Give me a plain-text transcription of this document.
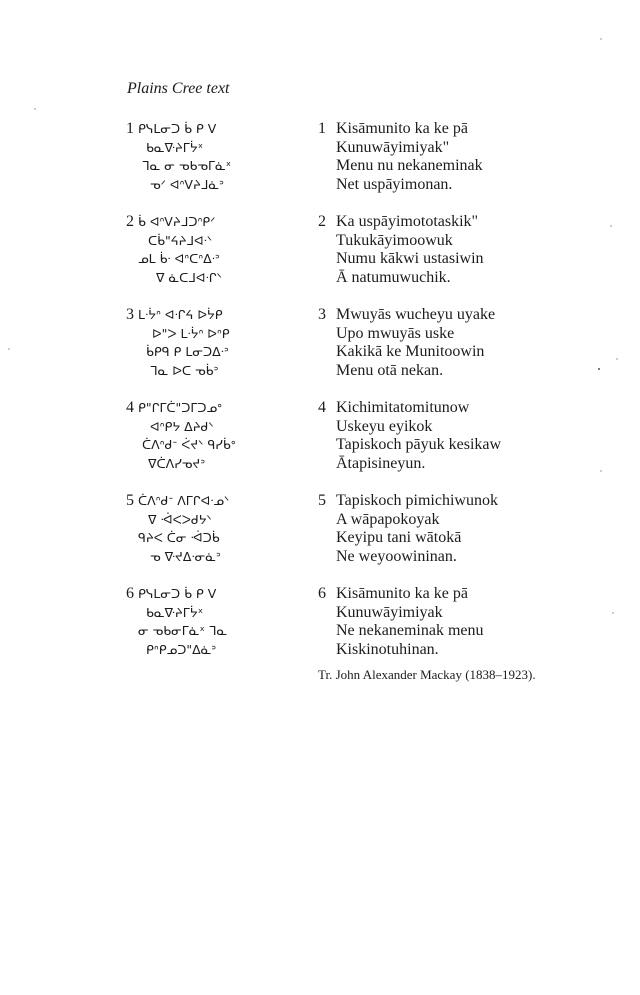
Plains Cree text
1 ᑭᓭᒪᓂᑐ ᑳ ᑭ ᐯ
ᑲᓇᐍᔨᒥᔮˣ
ᒣᓇ ᓂ ᓀᑲᓀᒥᓈˣ
ᓀᐟ ᐊᐢᐯᔨᒧᓈᐣ
2 ᑳ ᐊᐢᐯᔨᒧᑐᐢᑭᐟ
ᑕᑳ"ᔦᔨᒧᐊᐧᐠ
ᓄᒪ ᑳᐧ ᐊᐢᑕᐢᐃᐧᐣ
ᐁ ᓈᑕᒧᐊᐧᒋᐠ
3 ᒪᐧᔮᐢ ᐊᐧᒋᔦ ᐅᔮᑭ
ᐅ"ᐳ ᒪᐧᔮᐢ ᐅᐢᑭ
ᑳᑭᑫ ᑭ ᒪᓂᑐᐃᐧᐣ
ᒣᓇ ᐅᑕ ᓀᑳᐣ
4 ᑭ"ᒋᒥᑖ"ᑐᒥᑐᓄᐤ
ᐊᐢᑭᔭ ᐃᔨᑯᐠ
ᑖᐱᐢᑯᐨ ᐹᔪᐠ ᑫᓯᑳᐤ
ᐁᑖᐱᓯᓀᔪᐣ
5 ᑖᐱᐢᑯᐨ ᐱᒥᒋᐊᐧᓄᐠ
ᐁ ᐙᐸᐳᑯᔭᐠ
ᑫᔨᐸ ᑖᓂ ᐙᑐᑳ
ᓀ ᐍᔪᐃᐧᓂᓈᐣ
6 ᑭᓭᒪᓂᑐ ᑳ ᑭ ᐯ
ᑲᓇᐍᔨᒥᔮˣ
ᓂ ᓀᑲᓂᒥᓈˣ ᒣᓇ
ᑭᐢᑭᓄᑐ"ᐃᓈᐣ
1 Kisāmunito ka ke pā
Kunuwāyimiyak"
Menu nu nekaneminak
Net uspāyimonan.
2 Ka uspāyimototaskik"
Tukukāyimoowuk
Numu kākwi ustasiwin
Ā natumuwuchik.
3 Mwuyās wucheyu uyake
Upo mwuyās uske
Kakikā ke Munitoowin
Menu otā nekan.
4 Kichimitatomitunow
Uskeyu eyikok
Tapiskoch pāyuk kesikaw
Ātapisineyun.
5 Tapiskoch pimichiwunok
A wāpapokoyak
Keyipu tani wātokā
Ne weyoowininan.
6 Kisāmunito ka ke pā
Kunuwāyimiyak
Ne nekaneminak menu
Kiskinotuhinan.
Tr. John Alexander Mackay (1838–1923).
